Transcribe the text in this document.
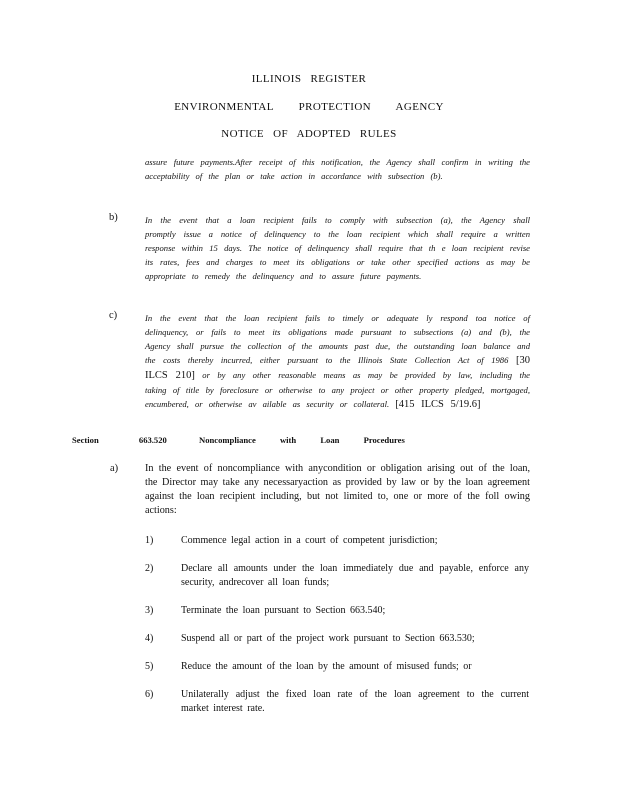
ILLINOIS REGISTER
ENVIRONMENTAL PROTECTION AGENCY
NOTICE OF ADOPTED RULES
assure future payments.After receipt of this notification, the Agency shall confirm in writing the acceptability of the plan or take action in accordance with subsection (b).
b)	In the event that a loan recipient fails to comply with subsection (a), the Agency shall promptly issue a notice of delinquency to the loan recipient which shall require a written response within 15 days. The notice of delinquency shall require that th e loan recipient revise its rates, fees and charges to meet its obligations or take other specified actions as may be appropriate to remedy the delinquency and to assure future payments.
c)	In the event that the loan recipient fails to timely or adequate ly respond toa notice of delinquency, or fails to meet its obligations made pursuant to subsections (a) and (b), the Agency shall pursue the collection of the amounts past due, the outstanding loan balance and the costs thereby incurred, either pursuant to the Illinois State Collection Act of 1986 [30 ILCS 210] or by any other reasonable means as may be provided by law, including the taking of title by foreclosure or otherwise to any project or other property pledged, mortgaged, encumbered, or otherwise av ailable as security or collateral. [415 ILCS 5/19.6]
Section	663.520	Noncompliance with Loan Procedures
a)	In the event of noncompliance with anycondition or obligation arising out of the loan, the Director may take any necessaryaction as provided by law or by the loan agreement against the loan recipient including, but not limited to, one or more of the foll owing actions:
1)	Commence legal action in a court of competent jurisdiction;
2)	Declare all amounts under the loan immediately due and payable, enforce any security, andrecover all loan funds;
3)	Terminate the loan pursuant to Section 663.540;
4)	Suspend all or part of the project work pursuant to Section 663.530;
5)	Reduce the amount of the loan by the amount of misused funds; or
6)	Unilaterally adjust the fixed loan rate of the loan agreement to the current market interest rate.
